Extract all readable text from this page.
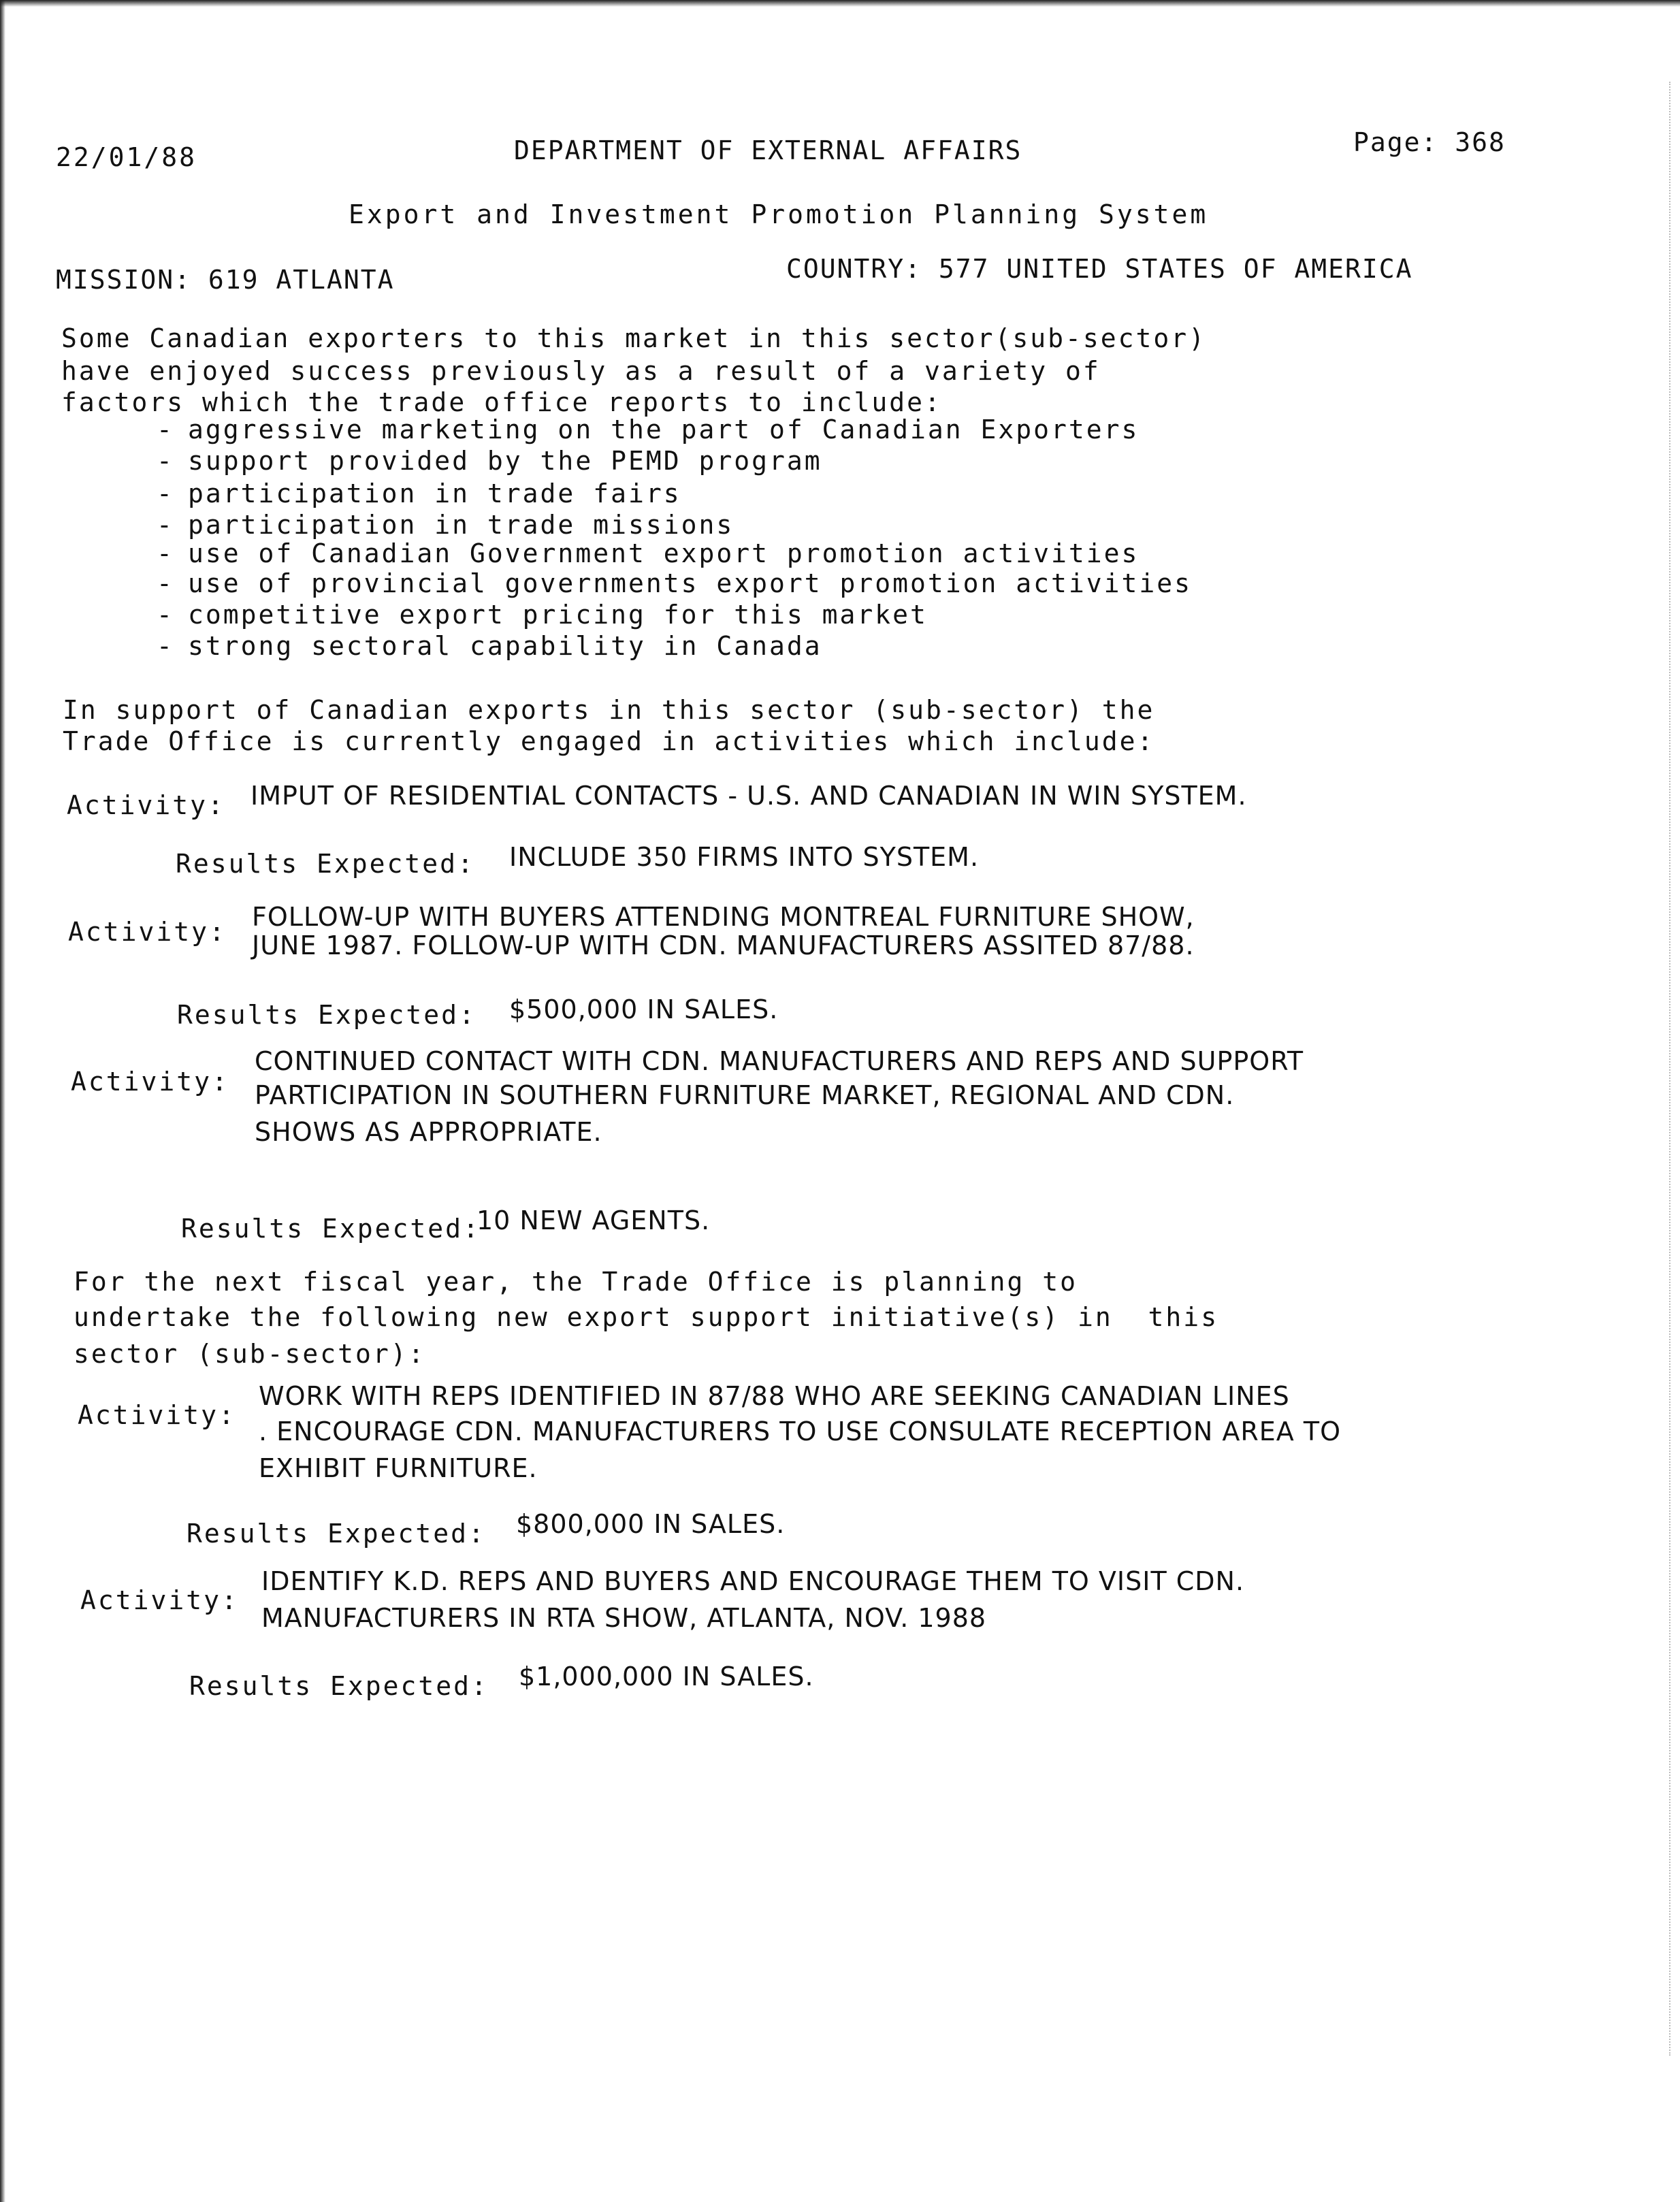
22/01/88	DEPARTMENT OF EXTERNAL AFFAIRS	Page: 368
Export and Investment Promotion Planning System
MISSION: 619 ATLANTA	COUNTRY: 577 UNITED STATES OF AMERICA
Some Canadian exporters to this market in this sector(sub-sector)
have enjoyed success previously as a result of a variety of
factors which the trade office reports to include:
- aggressive marketing on the part of Canadian Exporters
- support provided by the PEMD program
- participation in trade fairs
- participation in trade missions
- use of Canadian Government export promotion activities
- use of provincial governments export promotion activities
- competitive export pricing for this market
- strong sectoral capability in Canada
In support of Canadian exports in this sector (sub-sector) the
Trade Office is currently engaged in activities which include:
Activity: IMPUT OF RESIDENTIAL CONTACTS - U.S. AND CANADIAN IN WIN SYSTEM.
Results Expected: INCLUDE 350 FIRMS INTO SYSTEM.
Activity: FOLLOW-UP WITH BUYERS ATTENDING MONTREAL FURNITURE SHOW,
JUNE 1987. FOLLOW-UP WITH CDN. MANUFACTURERS ASSITED 87/88.
Results Expected: $500,000 IN SALES.
Activity:
CONTINUED CONTACT WITH CDN. MANUFACTURERS AND REPS AND SUPPORT
PARTICIPATION IN SOUTHERN FURNITURE MARKET, REGIONAL AND CDN.
SHOWS AS APPROPRIATE.
Results Expected:
10 NEW AGENTS.
For the next fiscal year, the Trade Office is planning to
undertake the following new export support initiative(s) in  this
sector (sub-sector):
Activity:
WORK WITH REPS IDENTIFIED IN 87/88 WHO ARE SEEKING CANADIAN LINES
. ENCOURAGE CDN. MANUFACTURERS TO USE CONSULATE RECEPTION AREA TO
EXHIBIT FURNITURE.
Results Expected: $800,000 IN SALES.
Activity:
IDENTIFY K.D. REPS AND BUYERS AND ENCOURAGE THEM TO VISIT CDN.
MANUFACTURERS IN RTA SHOW, ATLANTA, NOV. 1988
Results Expected: $1,000,000 IN SALES.
